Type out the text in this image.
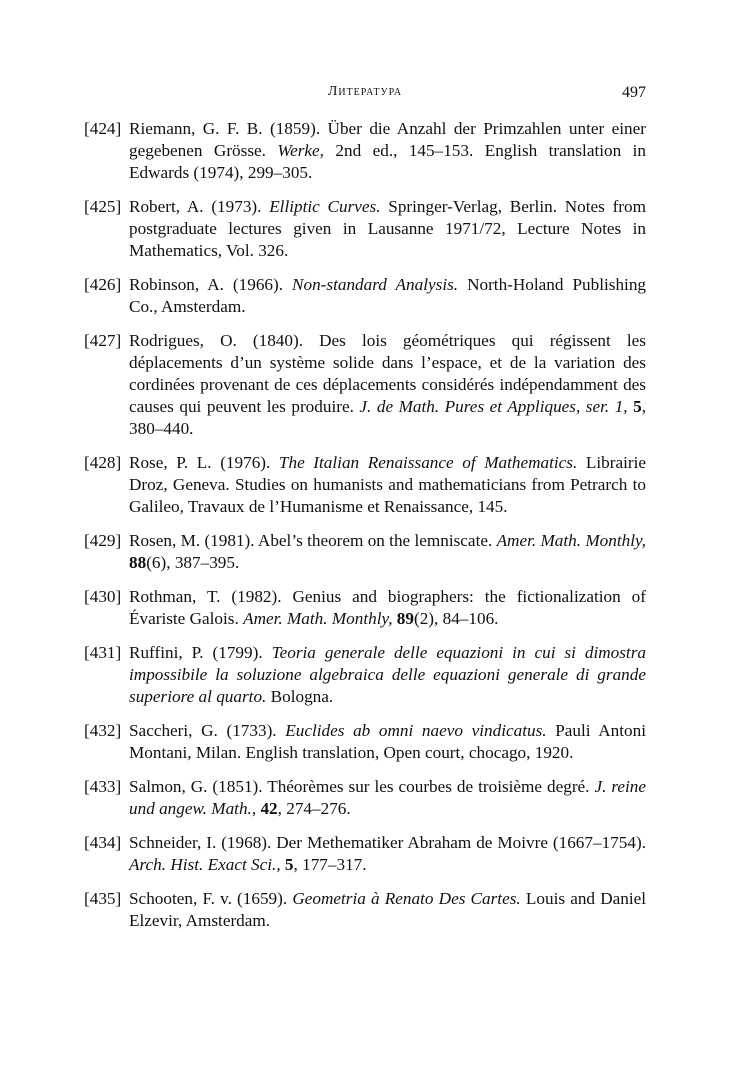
Литература	497
[424] Riemann, G. F. B. (1859). Über die Anzahl der Primzahlen unter einer gegebenen Grösse. Werke, 2nd ed., 145–153. English translation in Edwards (1974), 299–305.
[425] Robert, A. (1973). Elliptic Curves. Springer-Verlag, Berlin. Notes from postgraduate lectures given in Lausanne 1971/72, Lecture Notes in Mathematics, Vol. 326.
[426] Robinson, A. (1966). Non-standard Analysis. North-Holand Publishing Co., Amsterdam.
[427] Rodrigues, O. (1840). Des lois géométriques qui régissent les déplacements d’un système solide dans l’espace, et de la variation des cordinées provenant de ces déplacements considérés indépendamment des causes qui peuvent les produire. J. de Math. Pures et Appliques, ser. 1, 5, 380–440.
[428] Rose, P. L. (1976). The Italian Renaissance of Mathematics. Librairie Droz, Geneva. Studies on humanists and mathematicians from Petrarch to Galileo, Travaux de l’Humanisme et Renaissance, 145.
[429] Rosen, M. (1981). Abel’s theorem on the lemniscate. Amer. Math. Monthly, 88(6), 387–395.
[430] Rothman, T. (1982). Genius and biographers: the fictionalization of Évariste Galois. Amer. Math. Monthly, 89(2), 84–106.
[431] Ruffini, P. (1799). Teoria generale delle equazioni in cui si dimostra impossibile la soluzione algebraica delle equazioni generale di grande superiore al quarto. Bologna.
[432] Saccheri, G. (1733). Euclides ab omni naevo vindicatus. Pauli Antoni Montani, Milan. English translation, Open court, chocago, 1920.
[433] Salmon, G. (1851). Théorèmes sur les courbes de troisième degré. J. reine und angew. Math., 42, 274–276.
[434] Schneider, I. (1968). Der Methematiker Abraham de Moivre (1667–1754). Arch. Hist. Exact Sci., 5, 177–317.
[435] Schooten, F. v. (1659). Geometria à Renato Des Cartes. Louis and Daniel Elzevir, Amsterdam.
